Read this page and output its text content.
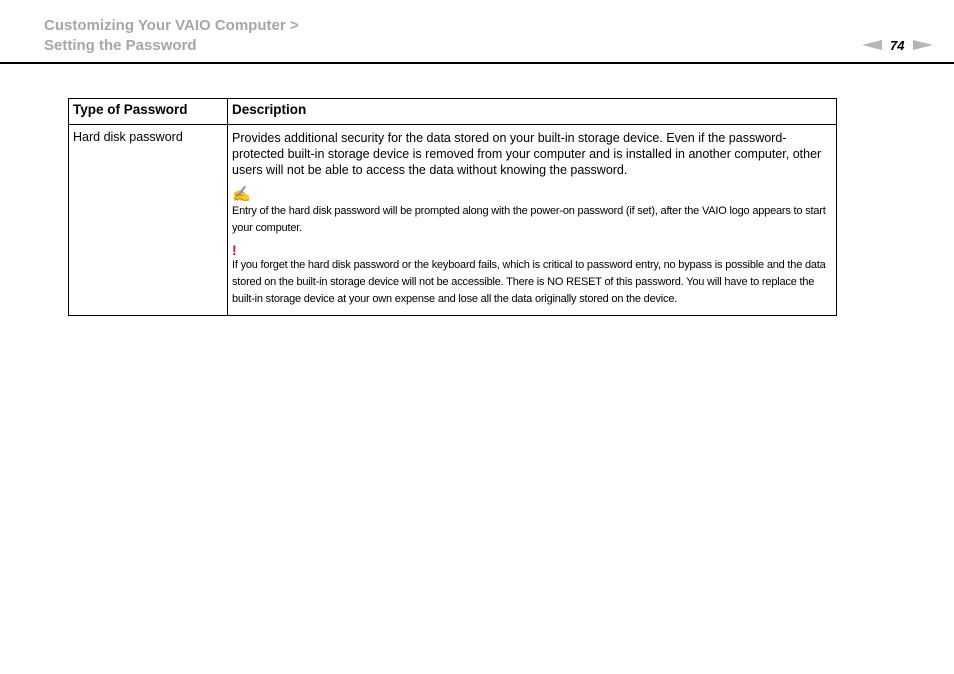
Customizing Your VAIO Computer >
Setting the Password	74
Type of Password	Description
Hard disk password	Provides additional security for the data stored on your built-in storage device. Even if the password-protected built-in storage device is removed from your computer and is installed in another computer, other users will not be able to access the data without knowing the password.
✍
Entry of the hard disk password will be prompted along with the power-on password (if set), after the VAIO logo appears to start your computer.
!
If you forget the hard disk password or the keyboard fails, which is critical to password entry, no bypass is possible and the data stored on the built-in storage device will not be accessible. There is NO RESET of this password. You will have to replace the built-in storage device at your own expense and lose all the data originally stored on the device.
